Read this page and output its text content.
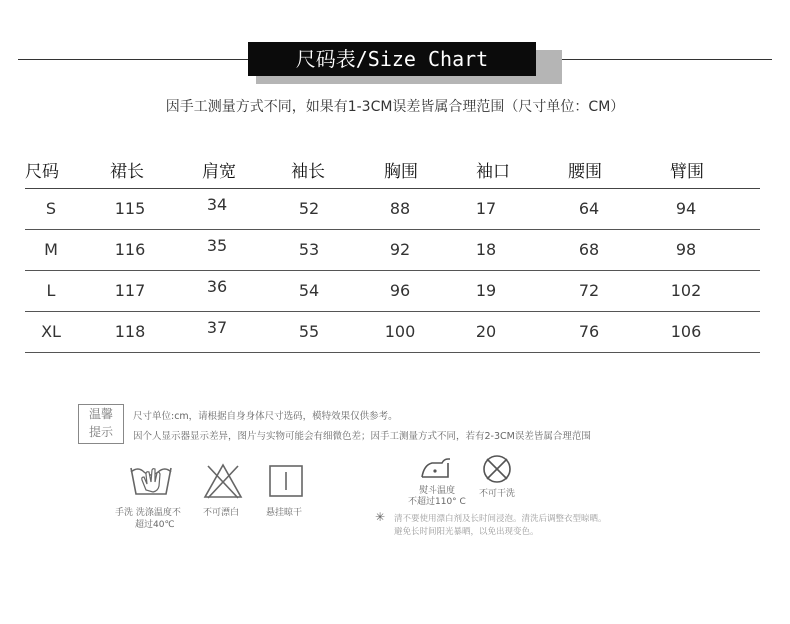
尺码表/Size Chart
因手工测量方式不同，如果有1-3CM误差皆属合理范围（尺寸单位：CM）
尺码	裙长	肩宽	袖长	胸围	袖口	腰围	臂围
S	115	34	52	88	17	64	94
M	116	35	53	92	18	68	98
L	117	36	54	96	19	72	102
XL	118	37	55	100	20	76	106
温馨
提示
尺寸单位:cm，请根据自身身体尺寸选码，模特效果仅供参考。
因个人显示器显示差异，图片与实物可能会有细微色差；因手工测量方式不同，若有2-3CM误差皆属合理范围
手洗 洗涤温度不
超过40℃
不可漂白	悬挂晾干
熨斗温度
不超过110° C
不可干洗
✳ 清不要使用漂白剂及长时间浸泡。清洗后调整衣型晾晒。
避免长时间阳光暴晒，以免出现变色。
